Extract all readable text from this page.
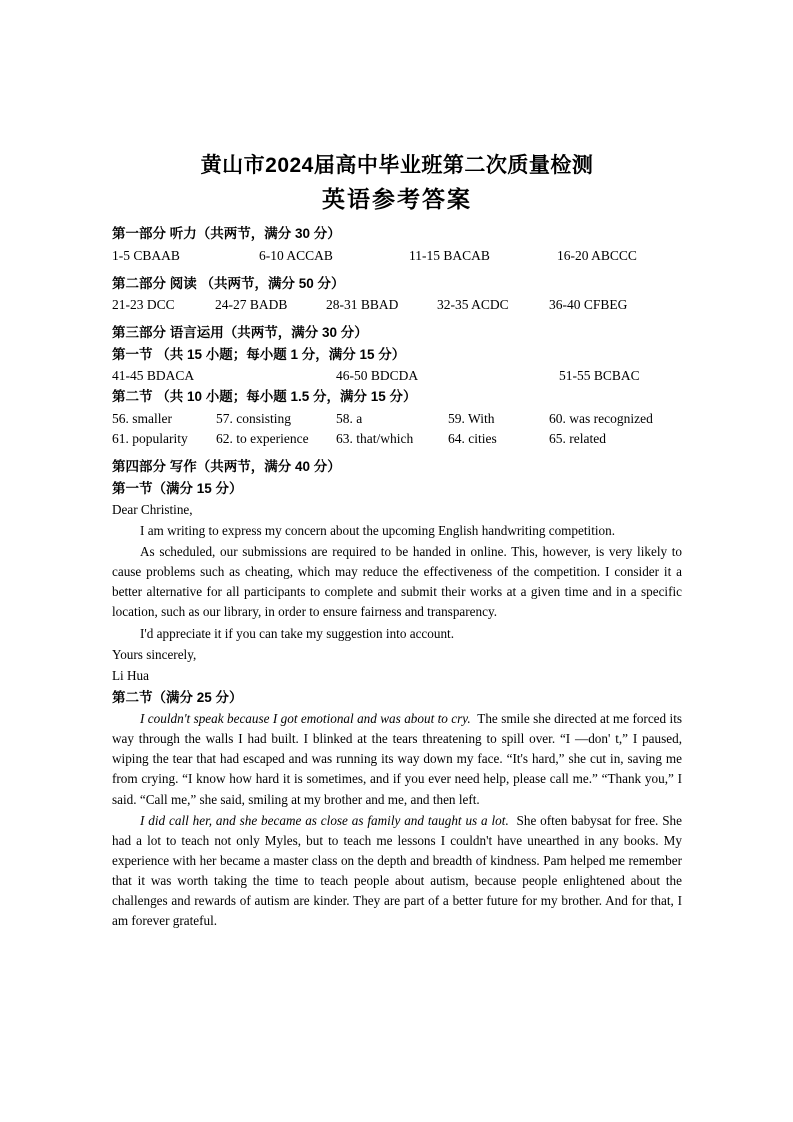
黄山市2024届高中毕业班第二次质量检测
英语参考答案
第一部分 听力（共两节，满分 30 分）
1-5 CBAAB	6-10 ACCAB	11-15 BACAB	16-20 ABCCC
第二部分 阅读 （共两节，满分 50 分）
21-23 DCC	24-27 BADB	28-31 BBAD	32-35 ACDC	36-40 CFBEG
第三部分 语言运用（共两节，满分 30 分）
第一节 （共 15 小题；每小题 1 分，满分 15 分）
41-45 BDACA	46-50 BDCDA	51-55 BCBAC
第二节 （共 10 小题；每小题 1.5 分，满分 15 分）
56. smaller	57. consisting	58. a	59. With	60. was recognized
61. popularity 62. to experience 63. that/which	64. cities	65. related
第四部分 写作（共两节，满分 40 分）
第一节（满分 15 分）

Dear Christine,

I am writing to express my concern about the upcoming English handwriting competition.

As scheduled, our submissions are required to be handed in online. This, however, is very likely to cause problems such as cheating, which may reduce the effectiveness of the competition. I consider it a better alternative for all participants to complete and submit their works at a given time and in a specific location, such as our library, in order to ensure fairness and transparency.

I'd appreciate it if you can take my suggestion into account.

Yours sincerely,

Li Hua

第二节（满分 25 分）

I couldn't speak because I got emotional and was about to cry. The smile she directed at me forced its way through the walls I had built. I blinked at the tears threatening to spill over. “I —don' t,” I paused, wiping the tear that had escaped and was running its way down my face. “It's hard,” she cut in, saving me from crying. “I know how hard it is sometimes, and if you ever need help, please call me.” “Thank you,” I said. “Call me,” she said, smiling at my brother and me, and then left.

I did call her, and she became as close as family and taught us a lot. She often babysat for free. She had a lot to teach not only Myles, but to teach me lessons I couldn't have unearthed in any books. My experience with her became a master class on the depth and breadth of kindness. Pam helped me remember that it was worth taking the time to teach people about autism, because people enlightened about the challenges and rewards of autism are kinder. They are part of a better future for my brother. And for that, I am forever grateful.
